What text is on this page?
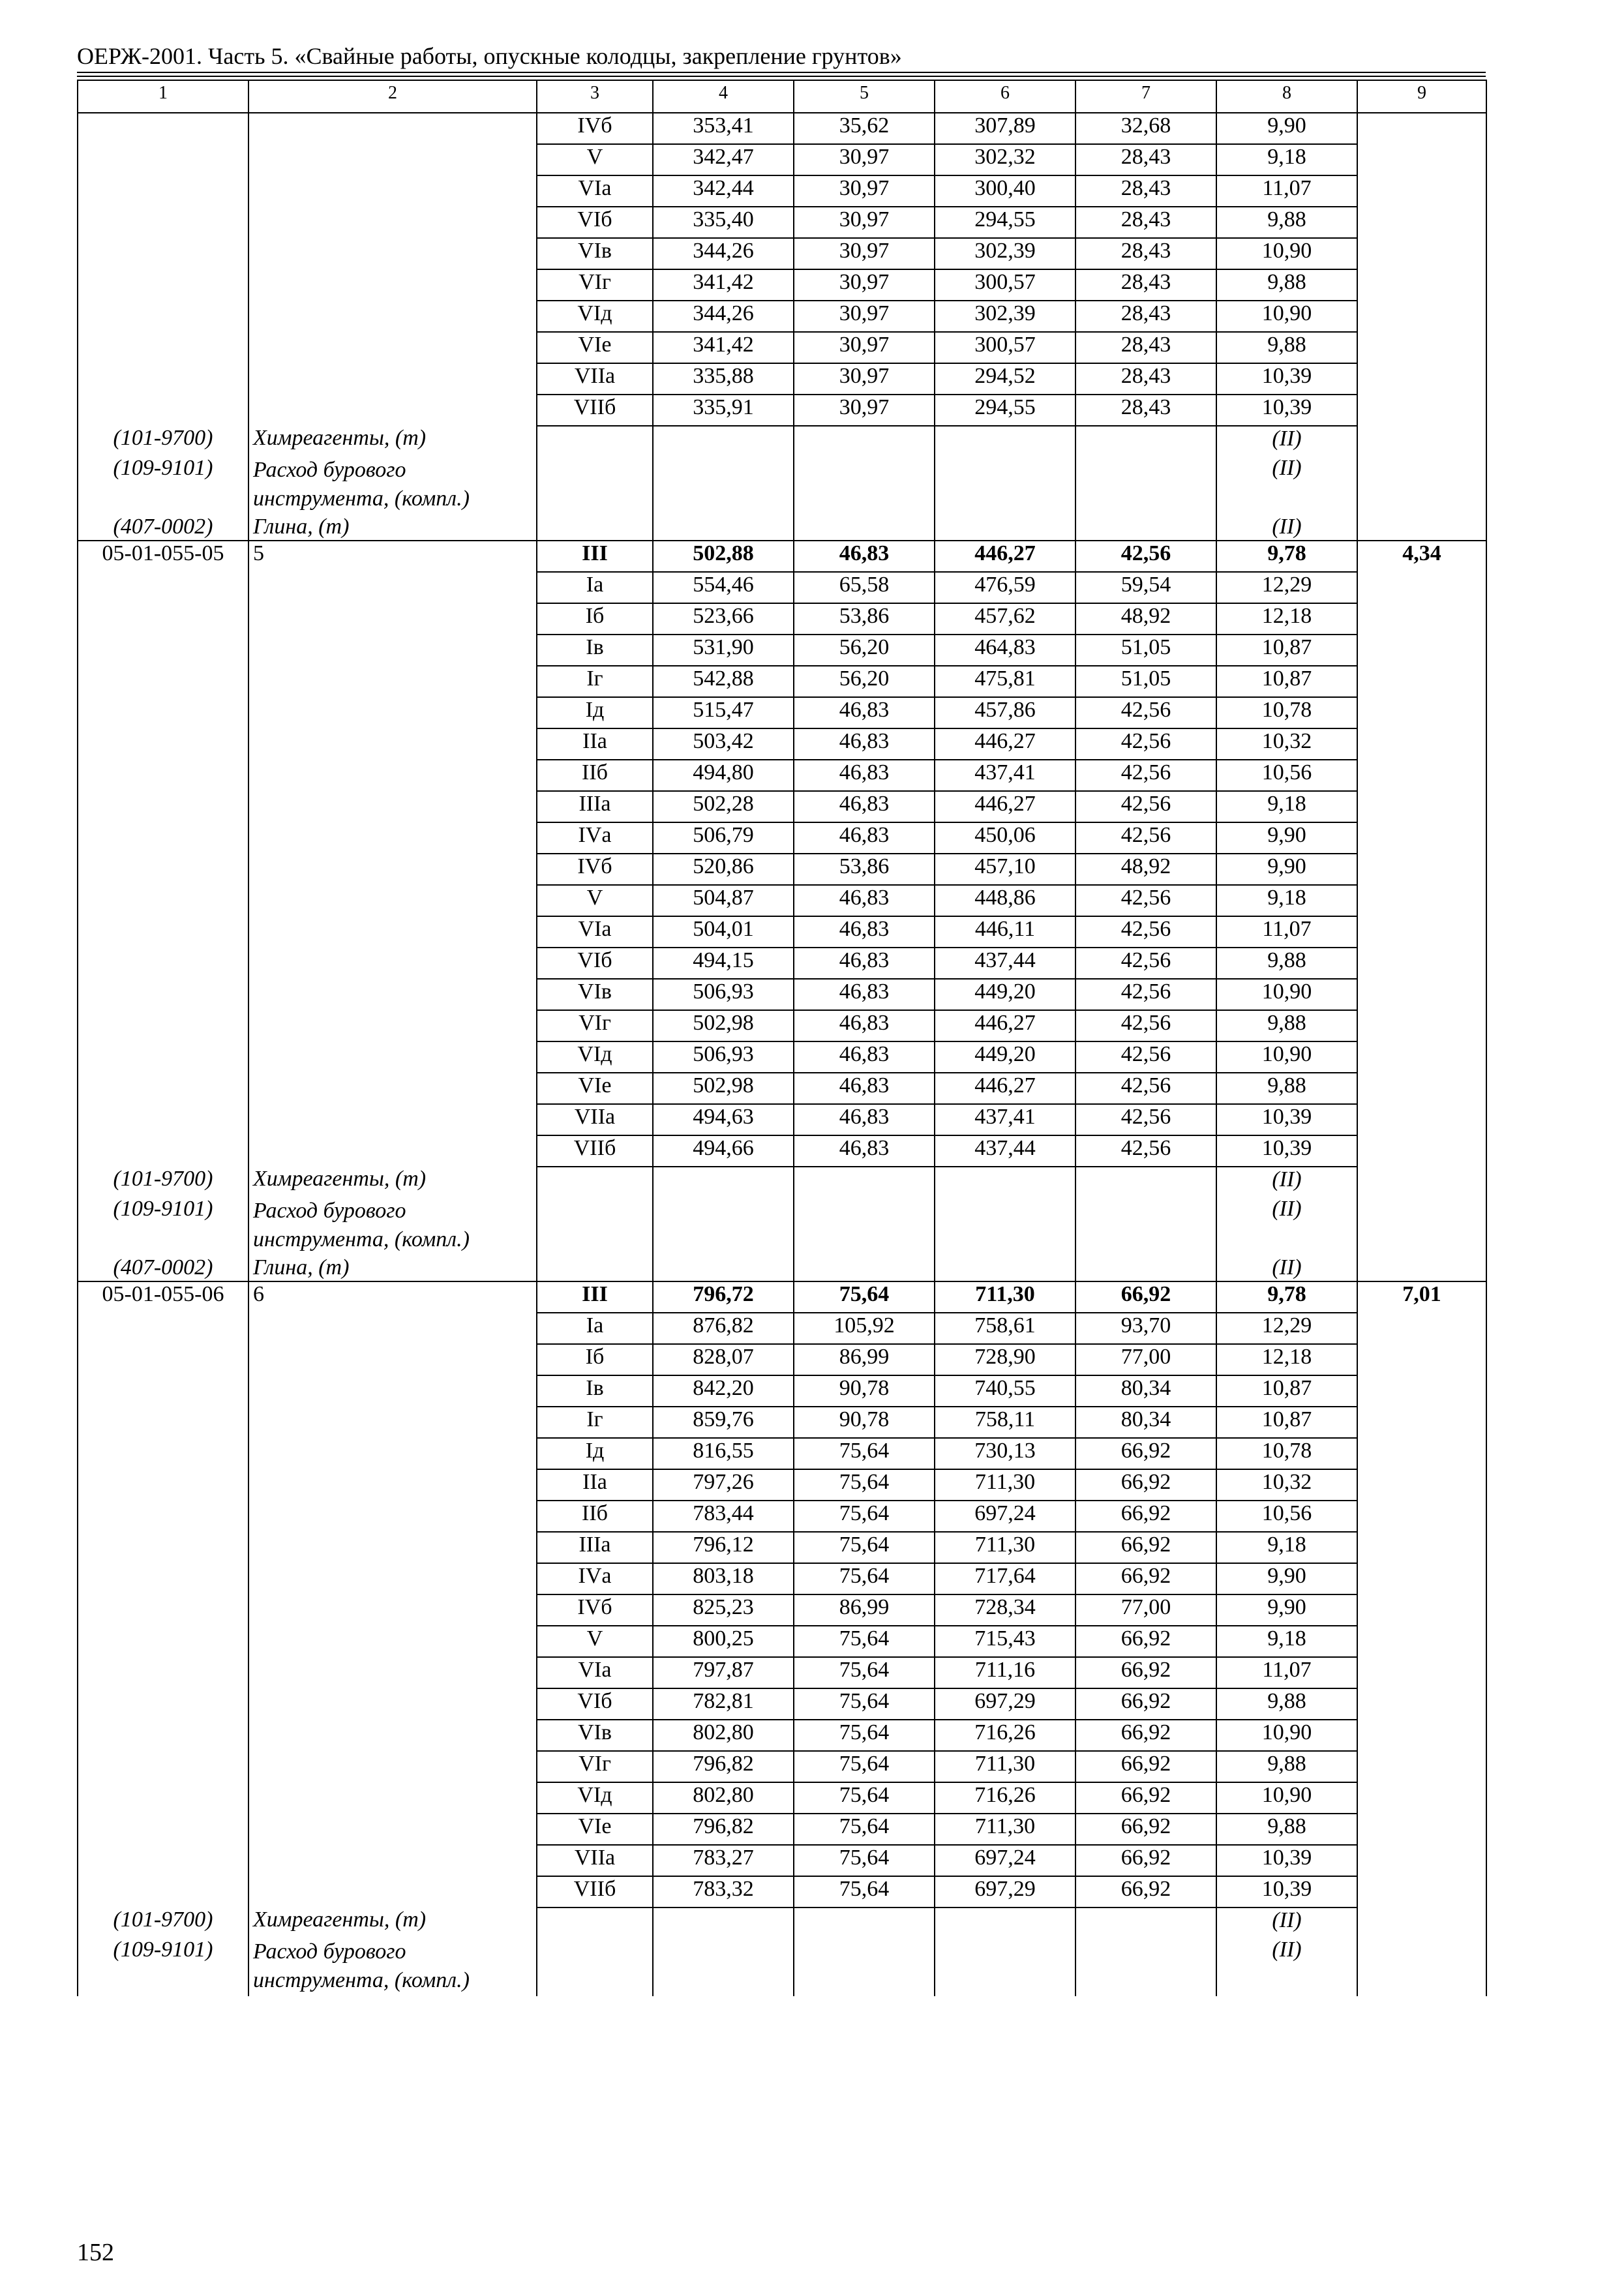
ОЕРЖ-2001. Часть 5. «Свайные работы, опускные колодцы, закрепление грунтов»
1	2	3	4	5	6	7	8	9
		IVб	353,41	35,62	307,89	32,68	9,90	
		V	342,47	30,97	302,32	28,43	9,18	
		VIа	342,44	30,97	300,40	28,43	11,07	
		VIб	335,40	30,97	294,55	28,43	9,88	
		VIв	344,26	30,97	302,39	28,43	10,90	
		VIг	341,42	30,97	300,57	28,43	9,88	
		VIд	344,26	30,97	302,39	28,43	10,90	
		VIе	341,42	30,97	300,57	28,43	9,88	
		VIIа	335,88	30,97	294,52	28,43	10,39	
		VIIб	335,91	30,97	294,55	28,43	10,39	
(101-9700)	Химреагенты, (т)						(II)	
(109-9101)	Расход бурового инструмента, (компл.)						(II)	
(407-0002)	Глина, (т)						(II)	
05-01-055-05	5	III	502,88	46,83	446,27	42,56	9,78	4,34
		Iа	554,46	65,58	476,59	59,54	12,29	
		Iб	523,66	53,86	457,62	48,92	12,18	
		Iв	531,90	56,20	464,83	51,05	10,87	
		Iг	542,88	56,20	475,81	51,05	10,87	
		Iд	515,47	46,83	457,86	42,56	10,78	
		IIа	503,42	46,83	446,27	42,56	10,32	
		IIб	494,80	46,83	437,41	42,56	10,56	
		IIIа	502,28	46,83	446,27	42,56	9,18	
		IVа	506,79	46,83	450,06	42,56	9,90	
		IVб	520,86	53,86	457,10	48,92	9,90	
		V	504,87	46,83	448,86	42,56	9,18	
		VIа	504,01	46,83	446,11	42,56	11,07	
		VIб	494,15	46,83	437,44	42,56	9,88	
		VIв	506,93	46,83	449,20	42,56	10,90	
		VIг	502,98	46,83	446,27	42,56	9,88	
		VIд	506,93	46,83	449,20	42,56	10,90	
		VIе	502,98	46,83	446,27	42,56	9,88	
		VIIа	494,63	46,83	437,41	42,56	10,39	
		VIIб	494,66	46,83	437,44	42,56	10,39	
(101-9700)	Химреагенты, (т)						(II)	
(109-9101)	Расход бурового инструмента, (компл.)						(II)	
(407-0002)	Глина, (т)						(II)	
05-01-055-06	6	III	796,72	75,64	711,30	66,92	9,78	7,01
		Iа	876,82	105,92	758,61	93,70	12,29	
		Iб	828,07	86,99	728,90	77,00	12,18	
		Iв	842,20	90,78	740,55	80,34	10,87	
		Iг	859,76	90,78	758,11	80,34	10,87	
		Iд	816,55	75,64	730,13	66,92	10,78	
		IIа	797,26	75,64	711,30	66,92	10,32	
		IIб	783,44	75,64	697,24	66,92	10,56	
		IIIа	796,12	75,64	711,30	66,92	9,18	
		IVа	803,18	75,64	717,64	66,92	9,90	
		IVб	825,23	86,99	728,34	77,00	9,90	
		V	800,25	75,64	715,43	66,92	9,18	
		VIа	797,87	75,64	711,16	66,92	11,07	
		VIб	782,81	75,64	697,29	66,92	9,88	
		VIв	802,80	75,64	716,26	66,92	10,90	
		VIг	796,82	75,64	711,30	66,92	9,88	
		VIд	802,80	75,64	716,26	66,92	10,90	
		VIе	796,82	75,64	711,30	66,92	9,88	
		VIIа	783,27	75,64	697,24	66,92	10,39	
		VIIб	783,32	75,64	697,29	66,92	10,39	
(101-9700)	Химреагенты, (т)						(II)	
(109-9101)	Расход бурового инструмента, (компл.)						(II)	
152
